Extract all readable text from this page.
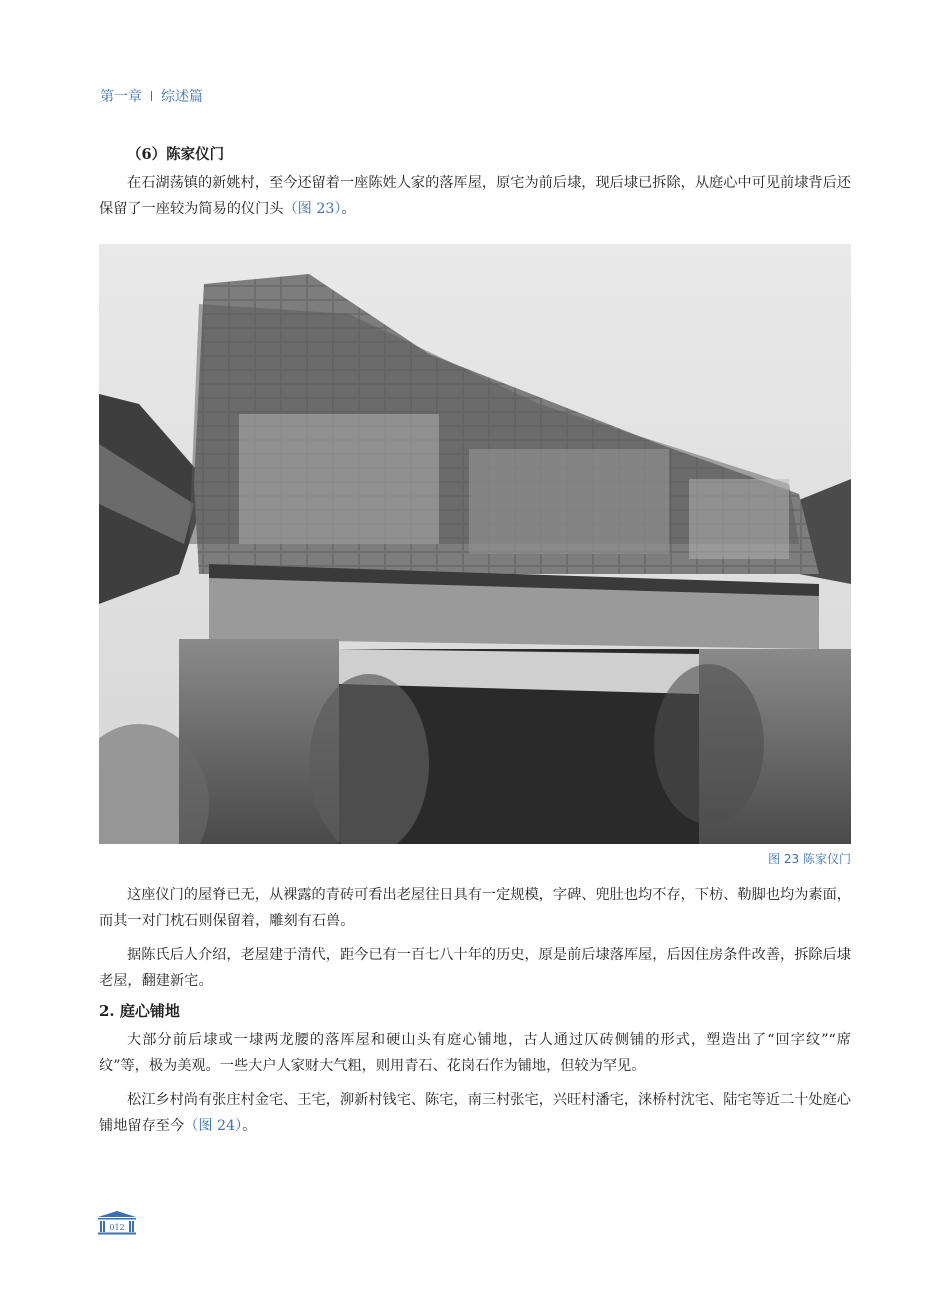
第一章 综述篇
（6）陈家仪门

在石湖荡镇的新姚村，至今还留着一座陈姓人家的落厍屋，原宅为前后埭，现后埭已拆除，从庭心中可见前埭背后还保留了一座较为简易的仪门头（图 23）。

图 23 陈家仪门

这座仪门的屋脊已无，从裸露的青砖可看出老屋往日具有一定规模，字碑、兜肚也均不存，下枋、勒脚也均为素面，而其一对门枕石则保留着，雕刻有石兽。

据陈氏后人介绍，老屋建于清代，距今已有一百七八十年的历史，原是前后埭落厍屋，后因住房条件改善，拆除后埭老屋，翻建新宅。

2. 庭心铺地

大部分前后埭或一埭两龙腰的落厍屋和硬山头有庭心铺地，古人通过仄砖侧铺的形式，塑造出了“回字纹”“席纹”等，极为美观。一些大户人家财大气粗，则用青石、花岗石作为铺地，但较为罕见。

松江乡村尚有张庄村金宅、王宅，泖新村钱宅、陈宅，南三村张宅，兴旺村潘宅，涞桥村沈宅、陆宅等近二十处庭心铺地留存至今（图 24）。

012
